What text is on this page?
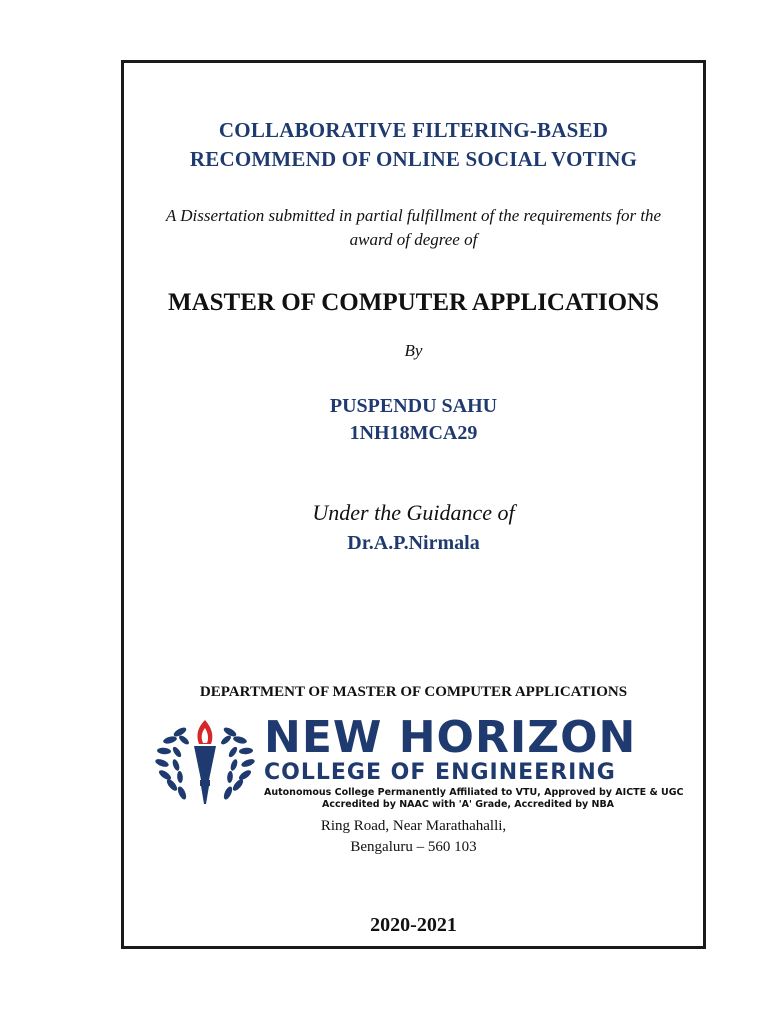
COLLABORATIVE FILTERING-BASED
RECOMMEND OF ONLINE SOCIAL VOTING
A Dissertation submitted in partial fulfillment of the requirements for the
award of degree of
MASTER OF COMPUTER APPLICATIONS
By
PUSPENDU SAHU
1NH18MCA29
Under the Guidance of
Dr.A.P.Nirmala
DEPARTMENT OF MASTER OF COMPUTER APPLICATIONS
NEW HORIZON
COLLEGE OF ENGINEERING
Autonomous College Permanently Affiliated to VTU, Approved by AICTE & UGC
Accredited by NAAC with 'A' Grade, Accredited by NBA
Ring Road, Near Marathahalli,
Bengaluru – 560 103
2020-2021
